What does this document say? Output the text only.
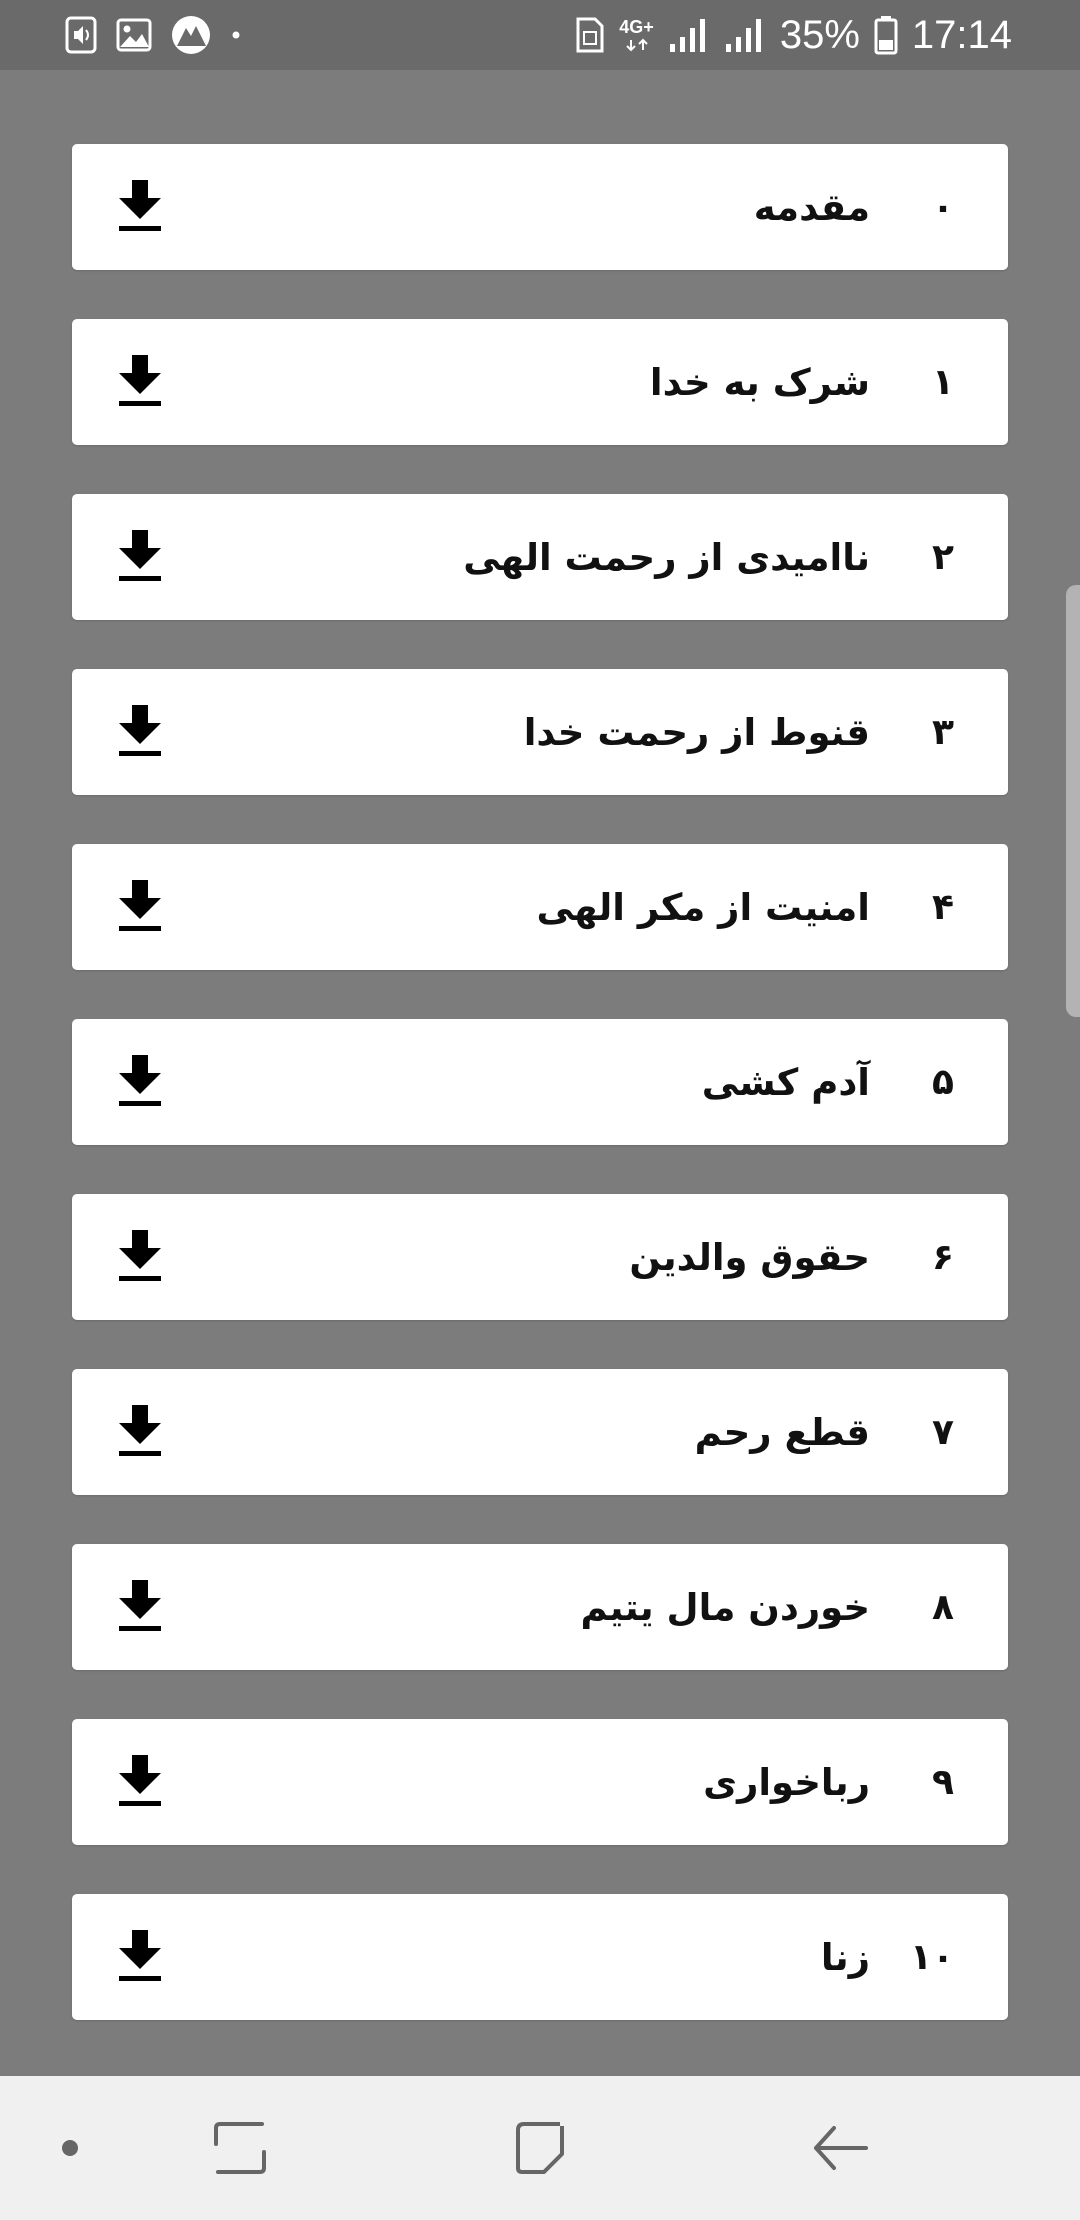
4G+	35% 17:14
۰
مقدمه
۱
شرک به خدا
۲
ناامیدی از رحمت الهی
۳
قنوط از رحمت خدا
۴
امنیت از مکر الهی
۵
آدم کشی
۶
حقوق والدین
۷
قطع رحم
۸
خوردن مال یتیم
۹
رباخواری
۱۰
زنا
